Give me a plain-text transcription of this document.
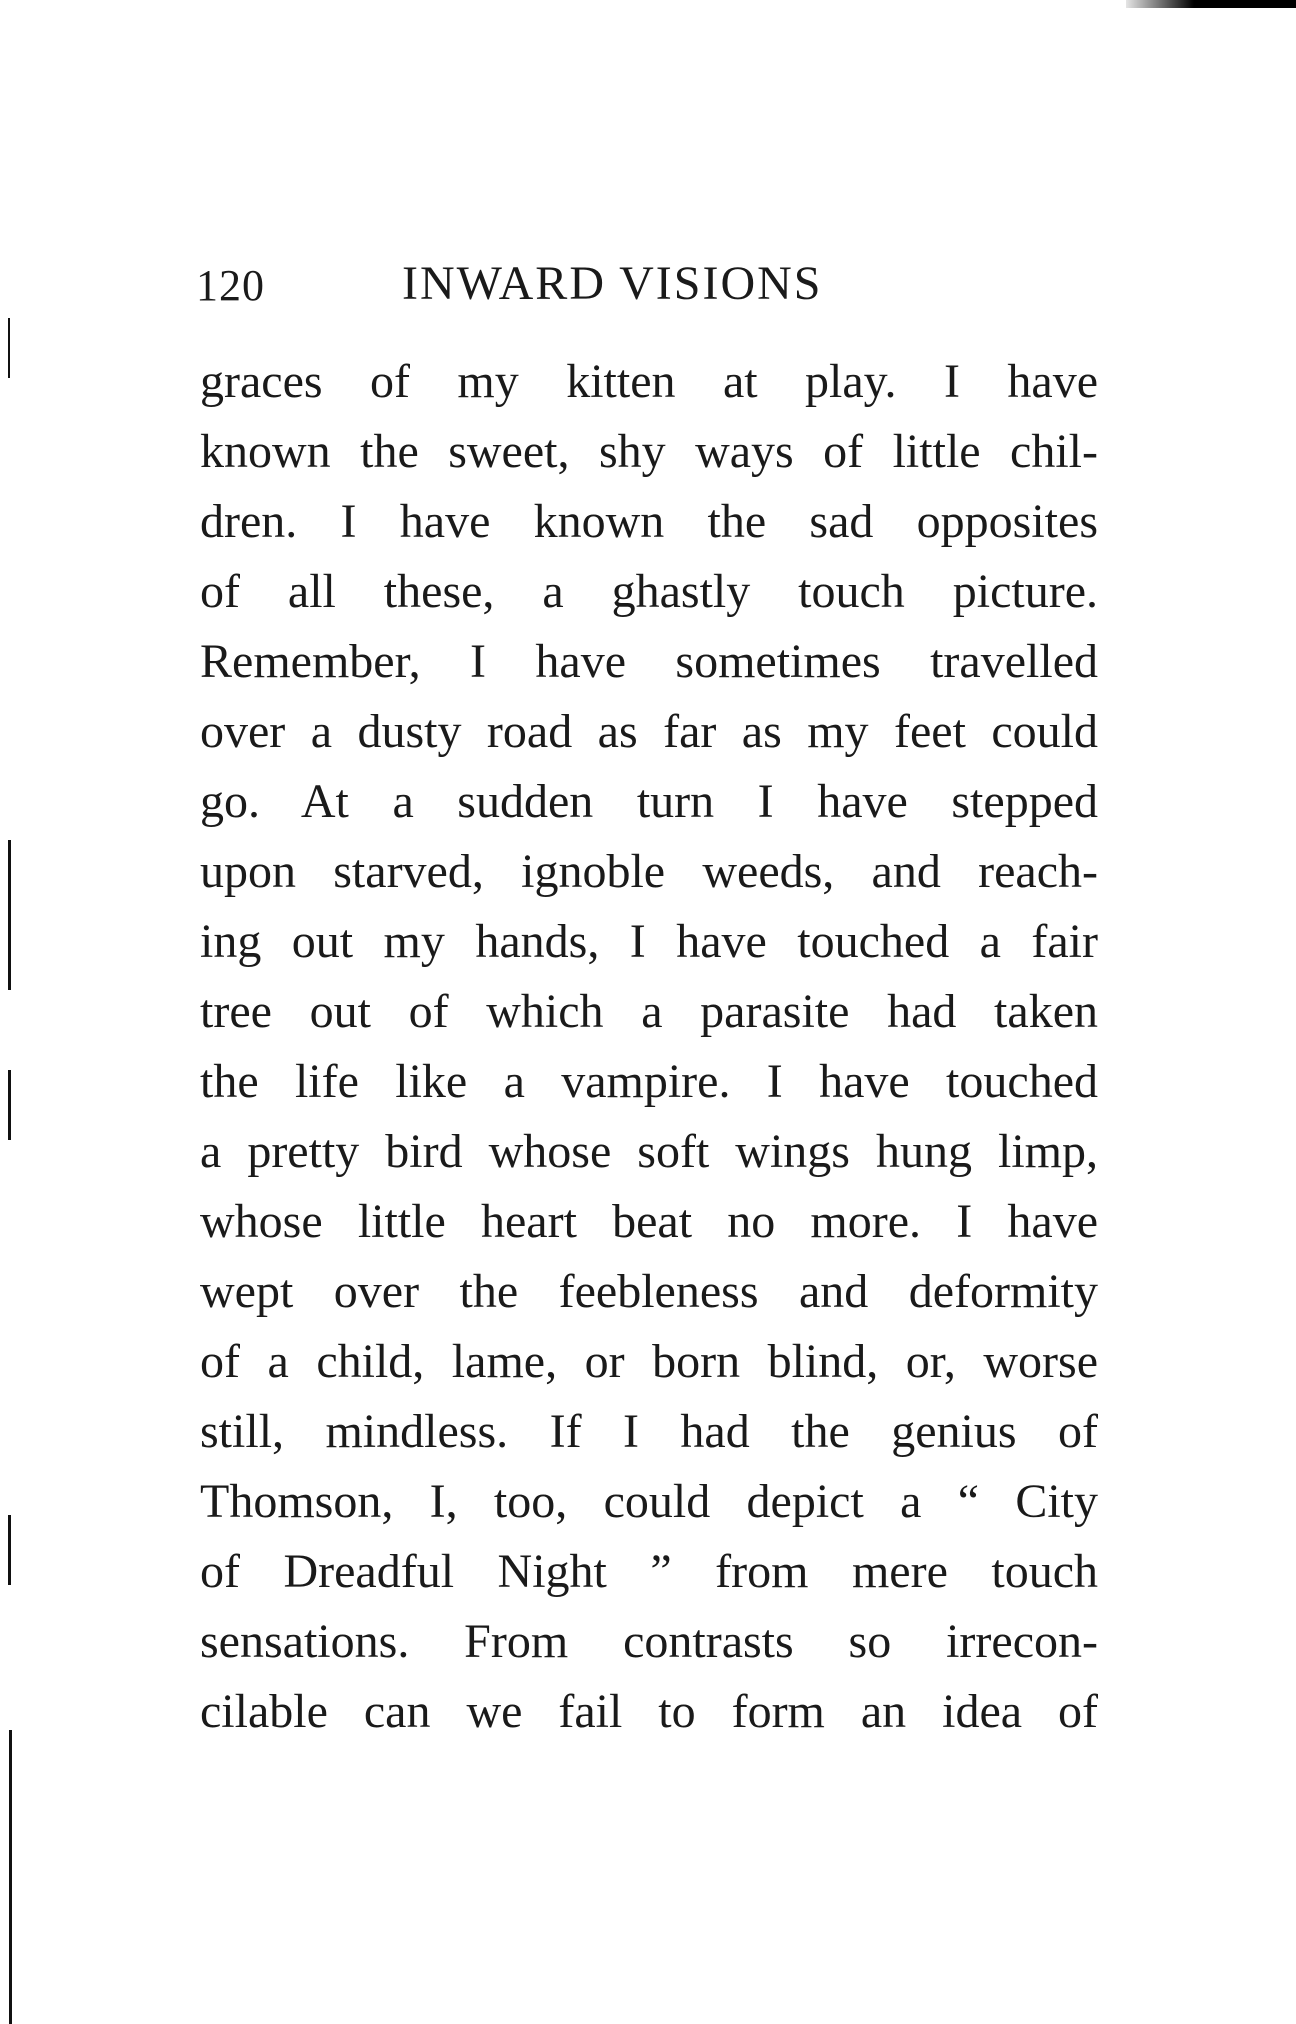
120	INWARD VISIONS
graces of my kitten at play. I have
known the sweet, shy ways of little chil-
dren. I have known the sad opposites
of all these, a ghastly touch picture.
Remember, I have sometimes travelled
over a dusty road as far as my feet could
go. At a sudden turn I have stepped
upon starved, ignoble weeds, and reach-
ing out my hands, I have touched a fair
tree out of which a parasite had taken
the life like a vampire. I have touched
a pretty bird whose soft wings hung limp,
whose little heart beat no more. I have
wept over the feebleness and deformity
of a child, lame, or born blind, or, worse
still, mindless. If I had the genius of
Thomson, I, too, could depict a “ City
of Dreadful Night ” from mere touch
sensations. From contrasts so irrecon-
cilable can we fail to form an idea of
